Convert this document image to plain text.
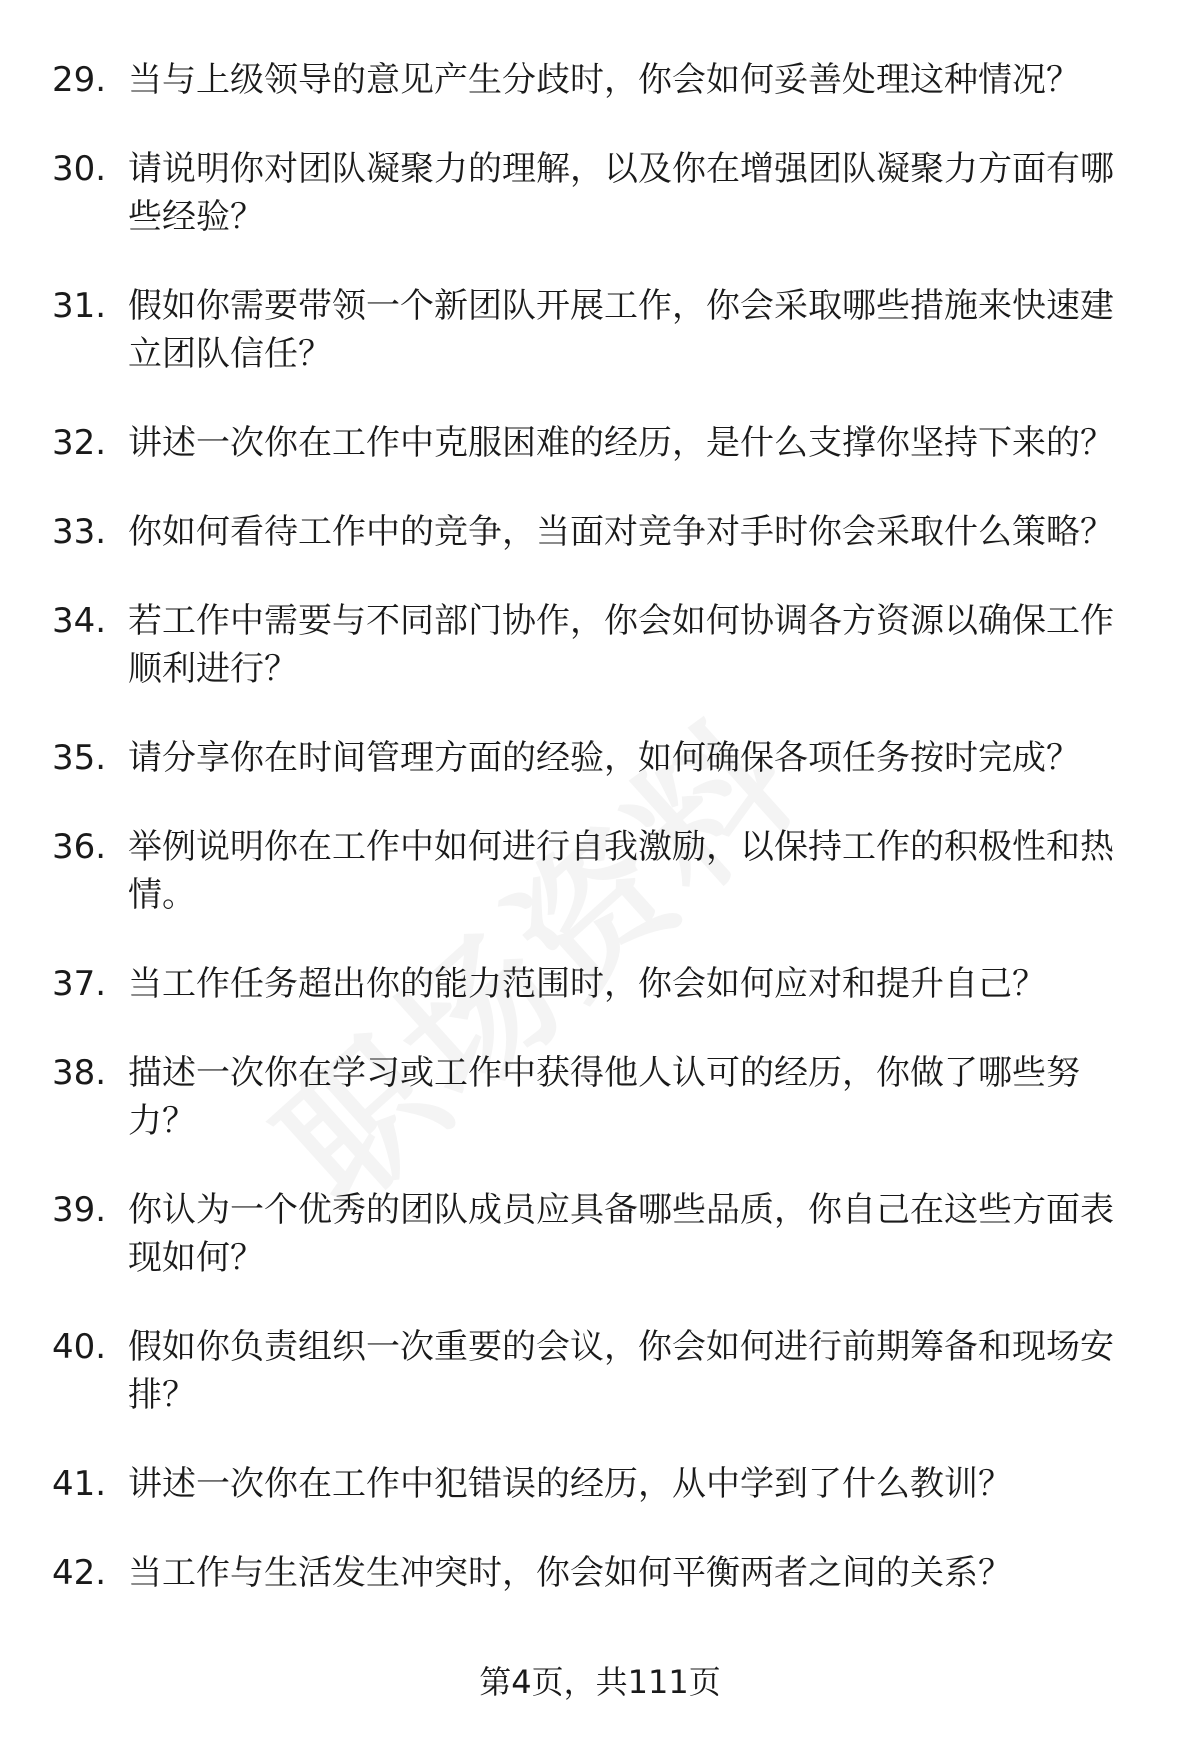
29. 当与上级领导的意见产生分歧时，你会如何妥善处理这种情况？
30. 请说明你对团队凝聚力的理解，以及你在增强团队凝聚力方面有哪些经验？
31. 假如你需要带领一个新团队开展工作，你会采取哪些措施来快速建立团队信任？
32. 讲述一次你在工作中克服困难的经历，是什么支撑你坚持下来的？
33. 你如何看待工作中的竞争，当面对竞争对手时你会采取什么策略？
34. 若工作中需要与不同部门协作，你会如何协调各方资源以确保工作顺利进行？
35. 请分享你在时间管理方面的经验，如何确保各项任务按时完成？
36. 举例说明你在工作中如何进行自我激励，以保持工作的积极性和热情。
37. 当工作任务超出你的能力范围时，你会如何应对和提升自己？
38. 描述一次你在学习或工作中获得他人认可的经历，你做了哪些努力？
39. 你认为一个优秀的团队成员应具备哪些品质，你自己在这些方面表现如何？
40. 假如你负责组织一次重要的会议，你会如何进行前期筹备和现场安排？
41. 讲述一次你在工作中犯错误的经历，从中学到了什么教训？
42. 当工作与生活发生冲突时，你会如何平衡两者之间的关系？
第4页，共111页
